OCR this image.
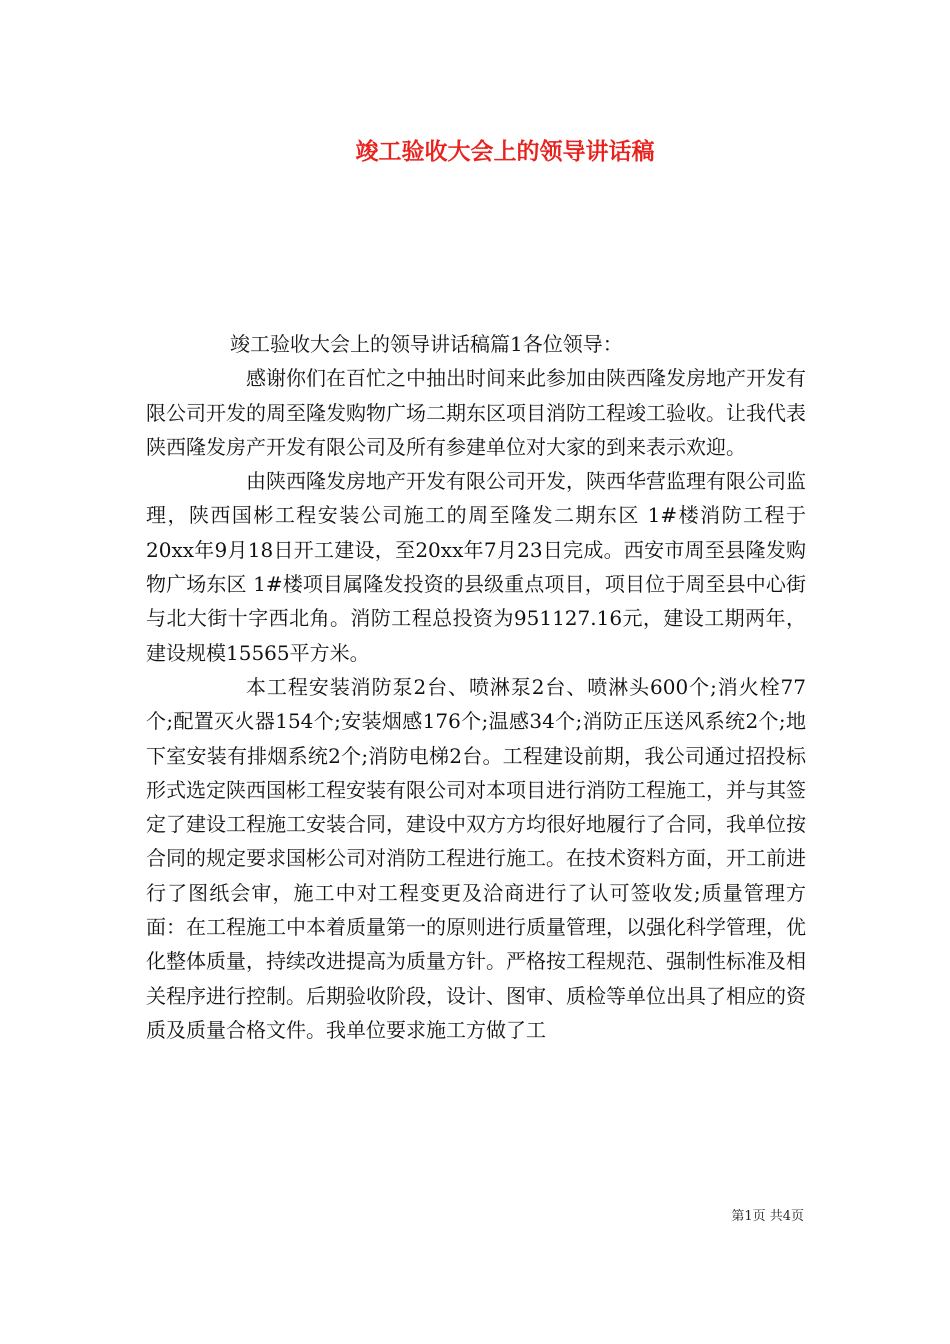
竣工验收大会上的领导讲话稿

竣工验收大会上的领导讲话稿篇1各位领导：

感谢你们在百忙之中抽出时间来此参加由陕西隆发房地产开发有限公司开发的周至隆发购物广场二期东区项目消防工程竣工验收。让我代表陕西隆发房产开发有限公司及所有参建单位对大家的到来表示欢迎。

由陕西隆发房地产开发有限公司开发，陕西华营监理有限公司监理，陕西国彬工程安装公司施工的周至隆发二期东区 1#楼消防工程于20xx年9月18日开工建设，至20xx年7月23日完成。西安市周至县隆发购物广场东区 1#楼项目属隆发投资的县级重点项目，项目位于周至县中心街与北大街十字西北角。消防工程总投资为951127.16元，建设工期两年，建设规模15565平方米。

本工程安装消防泵2台、喷淋泵2台、喷淋头600个;消火栓77个;配置灭火器154个;安装烟感176个;温感34个;消防正压送风系统2个;地下室安装有排烟系统2个;消防电梯2台。工程建设前期，我公司通过招投标形式选定陕西国彬工程安装有限公司对本项目进行消防工程施工，并与其签定了建设工程施工安装合同，建设中双方方均很好地履行了合同，我单位按合同的规定要求国彬公司对消防工程进行施工。在技术资料方面，开工前进行了图纸会审，施工中对工程变更及洽商进行了认可签收发;质量管理方面：在工程施工中本着质量第一的原则进行质量管理，以强化科学管理，优化整体质量，持续改进提高为质量方针。严格按工程规范、强制性标准及相关程序进行控制。后期验收阶段，设计、图审、质检等单位出具了相应的资质及质量合格文件。我单位要求施工方做了工

第1页 共4页
